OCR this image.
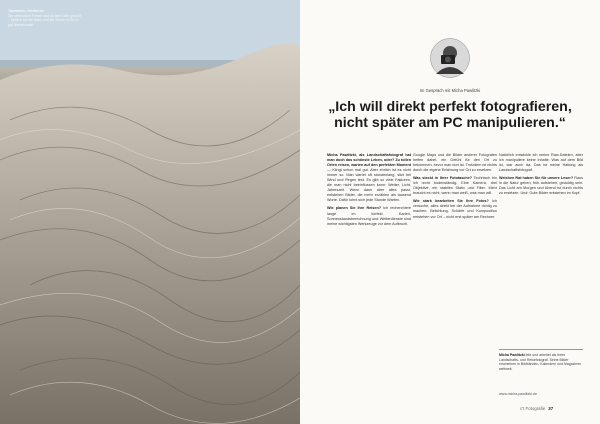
Tasmanien, Westküste
Die zerfurchten Felsen sind an die Küste gespült – farblich auf die Natur und die Sonne so für so gut übereinander.
Im Gespräch mit Micha Pawlitzki
„Ich will direkt perfekt fotografieren,
nicht später am PC manipulieren.“

Micha Pawlitzki, als Landschaftsfotograf hat man doch das schönste Leben, oder? Zu tollen Orten reisen, warten auf den perfekten Moment … Klingt schon mal gut. Aber ehrlich ist es nicht immer so. Man wartet oft stundenlang, sitzt bei Wind und Regen fest. Es gibt so viele Faktoren, die man nicht beeinflussen kann: Wetter, Licht, Jahreszeit. Wenn dann aber alles passt, entstehen Bilder, die mehr erzählen als tausend Worte. Dafür lohnt sich jede Stunde Warten.

Wie planen Sie Ihre Reisen? Ich recherchiere lange im Vorfeld. Karten, Sonnenstandsberechnung und Wetterdienste sind meine wichtigsten Werkzeuge vor dem Aufbruch.

Google Maps und die Bilder anderer Fotografen helfen dabei, ein Gefühl für den Ort zu bekommen, bevor man dort ist. Trotzdem ist nichts durch die eigene Erfahrung vor Ort zu ersetzen.

Was steckt in Ihrer Fototasche? Technisch bin ich recht bodenständig. Eine Kamera, drei Objektive, ein stabiles Stativ und Filter. Mehr braucht es nicht, wenn man weiß, was man will.

Wie stark bearbeiten Sie Ihre Fotos? Ich versuche, alles direkt bei der Aufnahme richtig zu machen. Belichtung, Schärfe und Komposition entstehen vor Ort – nicht erst später am Rechner.

Natürlich entwickle ich meine Raw-Dateien, aber ich manipuliere keine Inhalte. Was auf dem Bild ist, war auch da. Das ist meine Haltung als Landschaftsfotograf.

Welchen Rat haben Sie für unsere Leser? Raus in die Natur gehen, früh aufstehen, geduldig sein. Das Licht am Morgen und Abend ist durch nichts zu ersetzen. Und: Gute Bilder entstehen im Kopf.

Micha Pawlitzki lebt und arbeitet als freier Landschafts- und Reisefotograf. Seine Bilder erscheinen in Bildbänden, Kalendern und Magazinen weltweit.
www.micha-pawlitzki.de
c't Fotografie 37
